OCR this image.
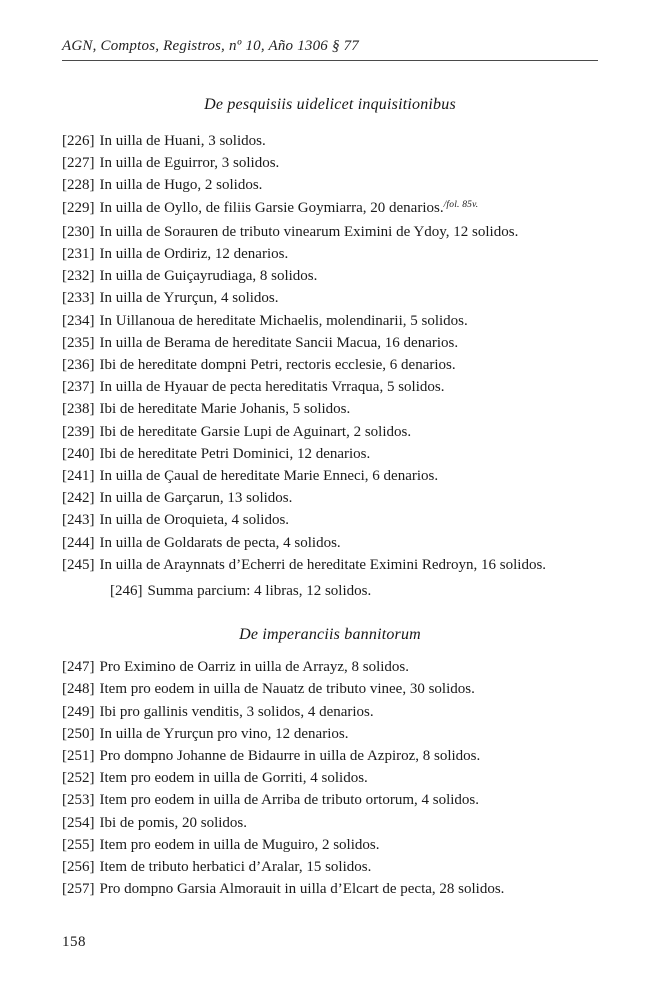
AGN, Comptos, Registros, nº 10, Año 1306 § 77
De pesquisiis uidelicet inquisitionibus
[226] In uilla de Huani, 3 solidos.
[227] In uilla de Eguirror, 3 solidos.
[228] In uilla de Hugo, 2 solidos.
[229] In uilla de Oyllo, de filiis Garsie Goymiarra, 20 denarios.$^{/fol. 85v.}$
[230] In uilla de Sorauren de tributo vinearum Eximini de Ydoy, 12 solidos.
[231] In uilla de Ordiriz, 12 denarios.
[232] In uilla de Guiçayrudiaga, 8 solidos.
[233] In uilla de Yrurçun, 4 solidos.
[234] In Uillanoua de hereditate Michaelis, molendinarii, 5 solidos.
[235] In uilla de Berama de hereditate Sancii Macua, 16 denarios.
[236] Ibi de hereditate dompni Petri, rectoris ecclesie, 6 denarios.
[237] In uilla de Hyauar de pecta hereditatis Vrraqua, 5 solidos.
[238] Ibi de hereditate Marie Johanis, 5 solidos.
[239] Ibi de hereditate Garsie Lupi de Aguinart, 2 solidos.
[240] Ibi de hereditate Petri Dominici, 12 denarios.
[241] In uilla de Çaual de hereditate Marie Enneci, 6 denarios.
[242] In uilla de Garçarun, 13 solidos.
[243] In uilla de Oroquieta, 4 solidos.
[244] In uilla de Goldarats de pecta, 4 solidos.
[245] In uilla de Araynnats d’Echerri de hereditate Eximini Redroyn, 16 solidos.
[246] Summa parcium: 4 libras, 12 solidos.
De imperanciis bannitorum
[247] Pro Eximino de Oarriz in uilla de Arrayz, 8 solidos.
[248] Item pro eodem in uilla de Nauatz de tributo vinee, 30 solidos.
[249] Ibi pro gallinis venditis, 3 solidos, 4 denarios.
[250] In uilla de Yrurçun pro vino, 12 denarios.
[251] Pro dompno Johanne de Bidaurre in uilla de Azpiroz, 8 solidos.
[252] Item pro eodem in uilla de Gorriti, 4 solidos.
[253] Item pro eodem in uilla de Arriba de tributo ortorum, 4 solidos.
[254] Ibi de pomis, 20 solidos.
[255] Item pro eodem in uilla de Muguiro, 2 solidos.
[256] Item de tributo herbatici d’Aralar, 15 solidos.
[257] Pro dompno Garsia Almorauit in uilla d’Elcart de pecta, 28 solidos.
158
